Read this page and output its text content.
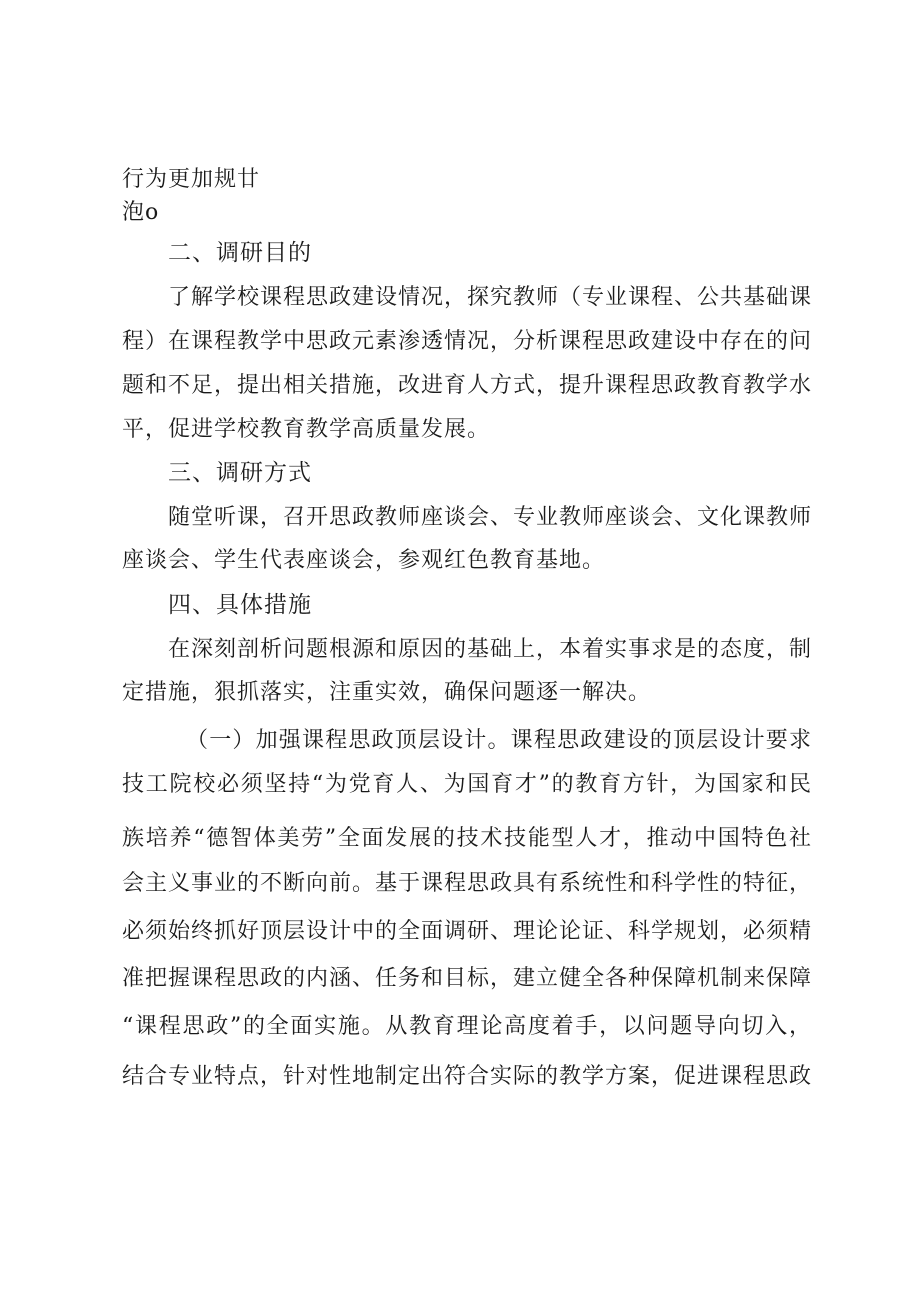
行为更加规廿
泡o
二、调研目的
了解学校课程思政建设情况，探究教师（专业课程、公共基础课
程）在课程教学中思政元素渗透情况，分析课程思政建设中存在的问
题和不足，提出相关措施，改进育人方式，提升课程思政教育教学水
平，促进学校教育教学高质量发展。
三、调研方式
随堂听课，召开思政教师座谈会、专业教师座谈会、文化课教师
座谈会、学生代表座谈会，参观红色教育基地。
四、具体措施
在深刻剖析问题根源和原因的基础上，本着实事求是的态度，制
定措施，狠抓落实，注重实效，确保问题逐一解决。
（一）加强课程思政顶层设计。课程思政建设的顶层设计要求
技工院校必须坚持“为党育人、为国育才”的教育方针，为国家和民
族培养“德智体美劳”全面发展的技术技能型人才，推动中国特色社
会主义事业的不断向前。基于课程思政具有系统性和科学性的特征，
必须始终抓好顶层设计中的全面调研、理论论证、科学规划，必须精
准把握课程思政的内涵、任务和目标，建立健全各种保障机制来保障
“课程思政”的全面实施。从教育理论高度着手，以问题导向切入，
结合专业特点，针对性地制定出符合实际的教学方案，促进课程思政
